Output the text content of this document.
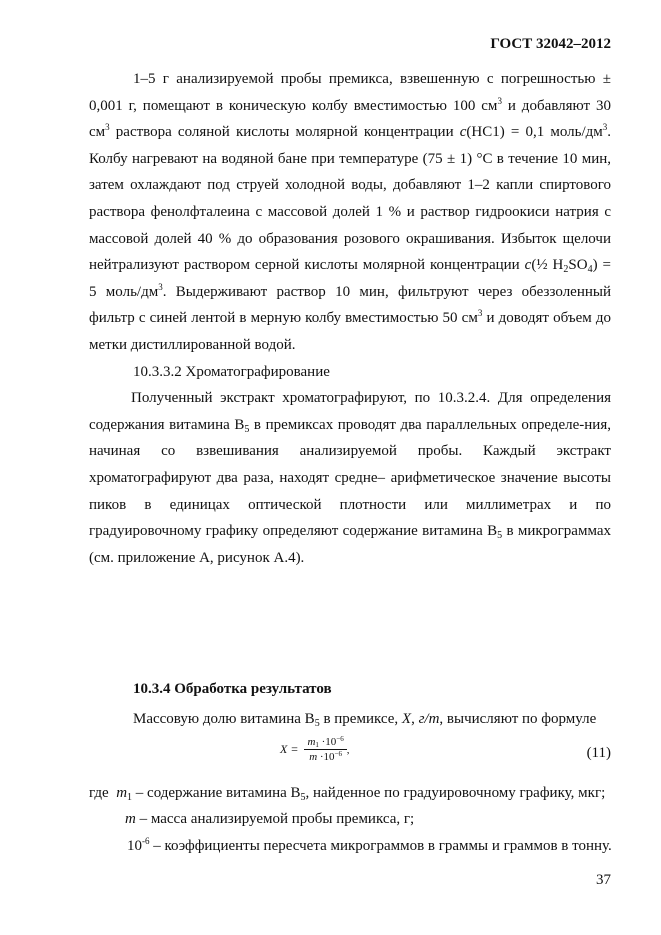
ГОСТ 32042–2012

1–5 г анализируемой пробы премикса, взвешенную с погрешностью ± 0,001 г, помещают в коническую колбу вместимостью 100 $см^3$ и добавляют 30 $см^3$ раствора соляной кислоты молярной концентрации c(НС1) = 0,1 моль/$дм^3$. Колбу нагревают на водяной бане при температуре (75 ± 1) °С в течение 10 мин, затем охлаждают под струей холодной воды, добавляют 1–2 капли спиртового раствора фенолфталеина с массовой долей 1 % и раствор гидроокиси натрия с массовой долей 40 % до образования розового окрашивания. Избыток щелочи нейтрализуют раствором серной кислоты молярной концентрации c(½ $H_2SO_4) = 5$ моль/$дм^3$. Выдерживают раствор 10 мин, фильтруют через обеззоленный фильтр с синей лентой в мерную колбу вместимостью 50 $см^3$ и доводят объем до метки дистиллированной водой.

10.3.3.2 Хроматографирование

Полученный экстракт хроматографируют, по 10.3.2.4. Для определения содержания витамина $В_5$ в премиксах проводят два параллельных определе-ния, начиная со взвешивания анализируемой пробы. Каждый экстракт хроматографируют два раза, находят средне– арифметическое значение высоты пиков в единицах оптической плотности или миллиметрах и по градуировочному графику определяют содержание витамина $В_5$ в микрограммах (см. приложение А, рисунок А.4).

10.3.4 Обработка результатов
Массовую долю витамина $В_5$ в премиксе, X, г/т, вычисляют по формуле
$X = \frac{m_1 \cdot 10^{-6}}{m \cdot 10^{-6}}$ ,	(11)
где  $m_1$ – содержание витамина $В_5$, найденное по градуировочному графику, мкг;
m – масса анализируемой пробы премикса, г;
$10^{-6}$ – коэффициенты пересчета микрограммов в граммы и граммов в тонну.
37
